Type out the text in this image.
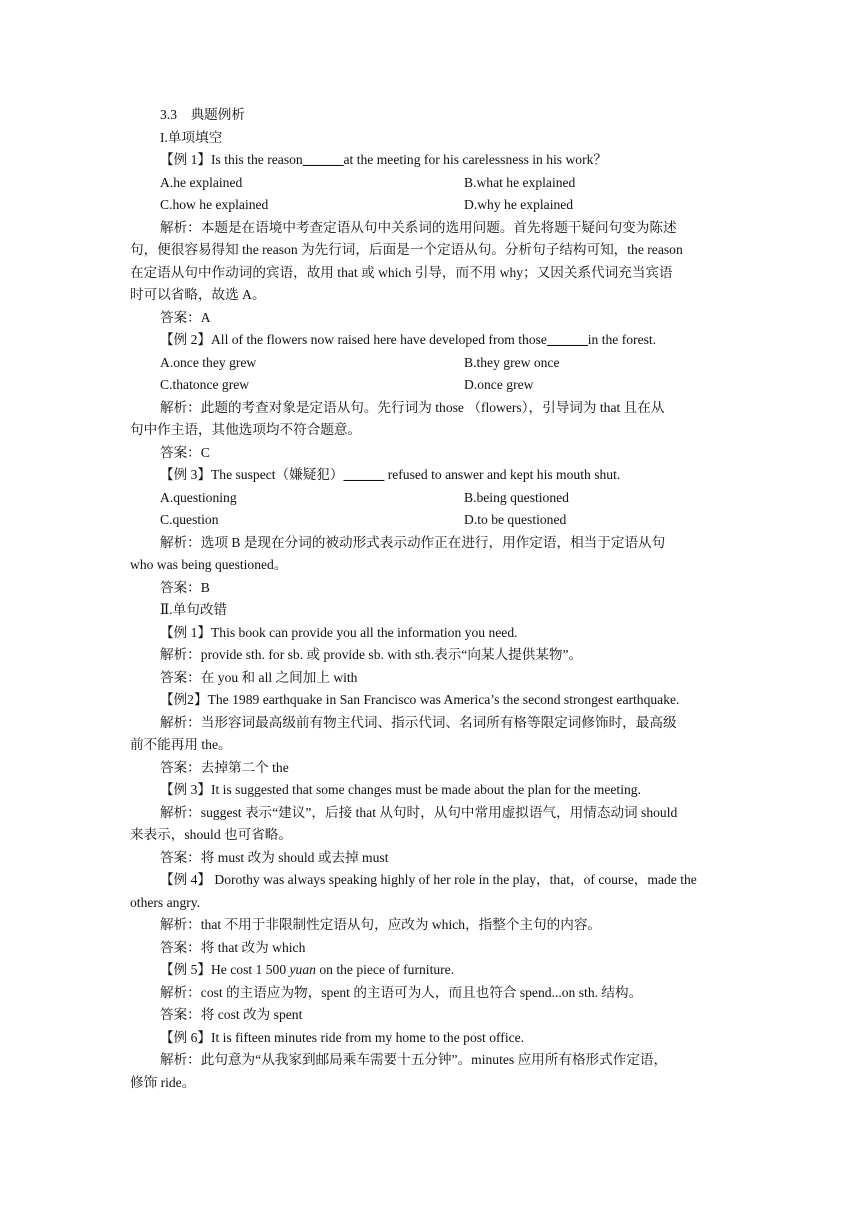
3.3　典题例析
I.单项填空
【例 1】Is this the reason______at the meeting for his carelessness in his work？
A.he explained	B.what he explained
C.how he explained	D.why he explained
解析：本题是在语境中考查定语从句中关系词的选用问题。首先将题干疑问句变为陈述
句，便很容易得知 the reason 为先行词，后面是一个定语从句。分析句子结构可知，the reason
在定语从句中作动词的宾语，故用 that 或 which 引导，而不用 why；又因关系代词充当宾语
时可以省略，故选 A。
答案：A
【例 2】All of the flowers now raised here have developed from those______in the forest.
A.once they grew	B.they grew once
C.thatonce grew	D.once grew
解析：此题的考查对象是定语从句。先行词为 those （flowers），引导词为 that 且在从
句中作主语，其他选项均不符合题意。
答案：C
【例 3】The suspect（嫌疑犯）______ refused to answer and kept his mouth shut.
A.questioning	B.being questioned
C.question	D.to be questioned
解析：选项 B 是现在分词的被动形式表示动作正在进行，用作定语，相当于定语从句
who was being questioned。
答案：B
Ⅱ.单句改错
【例 1】This book can provide you all the information you need.
解析：provide sth. for sb. 或 provide sb. with sth.表示“向某人提供某物”。
答案：在 you 和 all 之间加上 with
【例2】The 1989 earthquake in San Francisco was America’s the second strongest earthquake.
解析：当形容词最高级前有物主代词、指示代词、名词所有格等限定词修饰时，最高级
前不能再用 the。
答案：去掉第二个 the
【例 3】It is suggested that some changes must be made about the plan for the meeting.
解析：suggest 表示“建议”，后接 that 从句时，从句中常用虚拟语气，用情态动词 should
来表示，should 也可省略。
答案：将 must 改为 should 或去掉 must
【例 4】 Dorothy was always speaking highly of her role in the play，that，of course，made the
others angry.
解析：that 不用于非限制性定语从句，应改为 which，指整个主句的内容。
答案：将 that 改为 which
【例 5】He cost 1 500 yuan on the piece of furniture.
解析：cost 的主语应为物，spent 的主语可为人，而且也符合 spend...on sth. 结构。
答案：将 cost 改为 spent
【例 6】It is fifteen minutes ride from my home to the post office.
解析：此句意为“从我家到邮局乘车需要十五分钟”。minutes 应用所有格形式作定语，
修饰 ride。
